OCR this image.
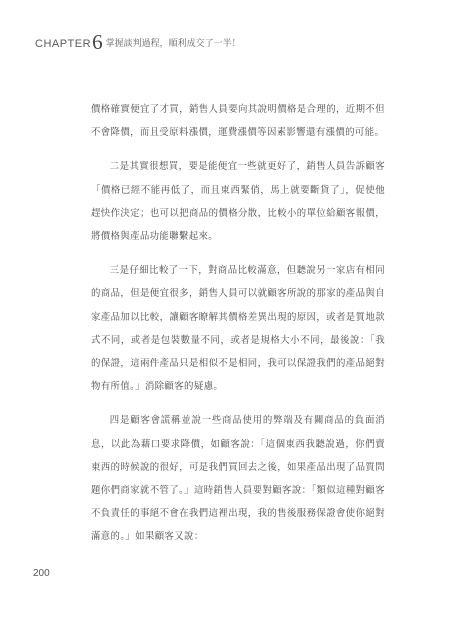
CHAPTER 6 掌握談判過程，順利成交了一半！

價格確實便宜了才買，銷售人員要向其說明價格是合理的，近期不但不會降價，而且受原料漲價，運費漲價等因素影響還有漲價的可能。

二是其實很想買，要是能便宜一些就更好了，銷售人員告訴顧客「價格已經不能再低了，而且東西緊俏，馬上就要斷貨了」，促使他趕快作決定；也可以把商品的價格分散，比較小的單位給顧客報價，將價格與產品功能聯繫起來。

三是仔細比較了一下，對商品比較滿意，但聽說另一家店有相同的商品，但是便宜很多，銷售人員可以就顧客所說的那家的產品與自家產品加以比較，讓顧客瞭解其價格差異出現的原因，或者是質地款式不同，或者是包裝數量不同，或者是規格大小不同，最後說：「我的保證，這兩件產品只是相似不是相同，我可以保證我們的產品絕對物有所值。」消除顧客的疑慮。

四是顧客會謊稱並說一些商品使用的弊端及有關商品的負面消息，以此為藉口要求降價，如顧客說：「這個東西我聽說過，你們賣東西的時候說的很好，可是我們買回去之後，如果產品出現了品質問題你們商家就不管了。」這時銷售人員要對顧客說：「類似這種對顧客不負責任的事絕不會在我們這裡出現，我的售後服務保證會使你絕對滿意的。」如果顧客又說：

200
